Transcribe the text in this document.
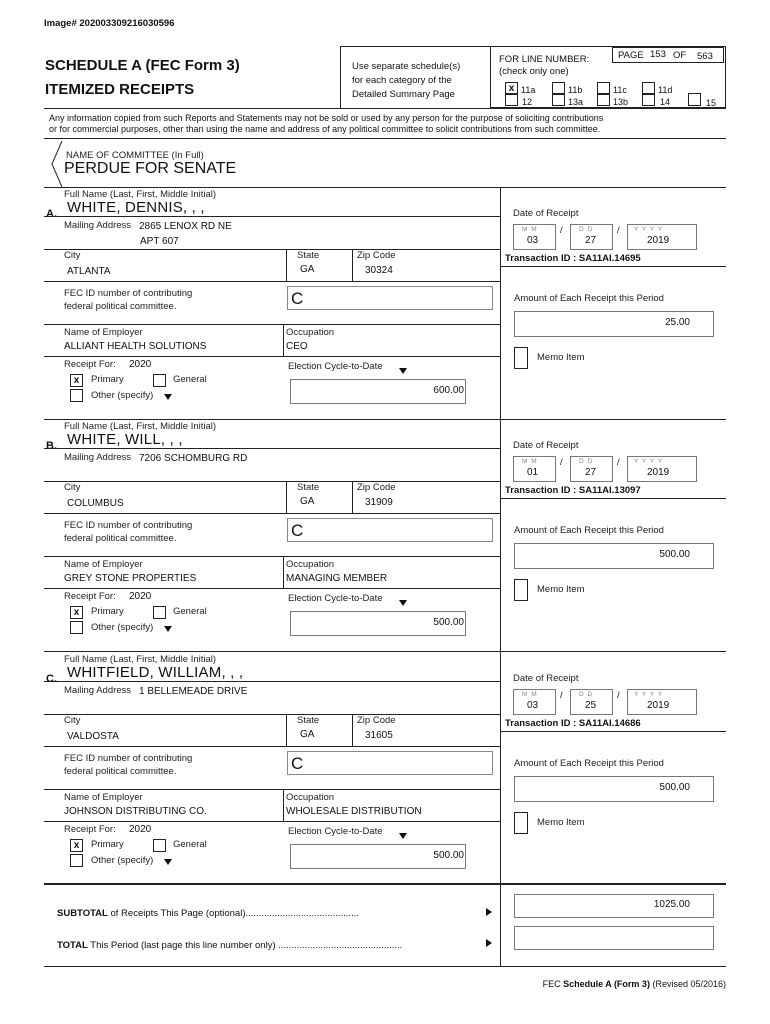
Image# 202003309216030596
SCHEDULE A (FEC Form 3)
ITEMIZED RECEIPTS
Use separate schedule(s)
for each category of the
Detailed Summary Page
FOR LINE NUMBER:
(check only one)
PAGE 153 OF 563
x 11a	11b	11c	11d
12	13a	13b	14	15
Any information copied from such Reports and Statements may not be sold or used by any person for the purpose of soliciting contributions
or for commercial purposes, other than using the name and address of any political committee to solicit contributions from such committee.
NAME OF COMMITTEE (In Full)
PERDUE FOR SENATE
A.
Full Name (Last, First, Middle Initial)
WHITE, DENNIS, , ,
Mailing Address 2865 LENOX RD NE
APT 607
City
ATLANTA
State
GA
Zip Code
30324
FEC ID number of contributing
federal political committee.	C
Name of Employer
ALLIANT HEALTH SOLUTIONS
Occupation
CEO
Receipt For: 2020
x	Primary	General
Other (specify)
Election Cycle-to-Date
600.00
Date of Receipt
M M
03
/	D D
27
/ Y Y Y Y
2019
Transaction ID : SA11AI.14695
Amount of Each Receipt this Period
25.00
Memo Item
B.
Full Name (Last, First, Middle Initial)
WHITE, WILL, , ,
Mailing Address 7206 SCHOMBURG RD
City
COLUMBUS
State
GA
Zip Code
31909
FEC ID number of contributing
federal political committee.	C
Name of Employer
GREY STONE PROPERTIES
Occupation
MANAGING MEMBER
Receipt For: 2020
x	Primary	General
Other (specify)
Election Cycle-to-Date
500.00
Date of Receipt
M M
01
/	D D
27
/ Y Y Y Y
2019
Transaction ID : SA11AI.13097
Amount of Each Receipt this Period
500.00
Memo Item
C.
Full Name (Last, First, Middle Initial)
WHITFIELD, WILLIAM, , ,
Mailing Address 1 BELLEMEADE DRIVE
City
VALDOSTA
State
GA
Zip Code
31605
FEC ID number of contributing
federal political committee.	C
Name of Employer
JOHNSON DISTRIBUTING CO.
Occupation
WHOLESALE DISTRIBUTION
Receipt For: 2020
x	Primary	General
Other (specify)
Election Cycle-to-Date
500.00
Date of Receipt
M M
03
/	D D
25
/ Y Y Y Y
2019
Transaction ID : SA11AI.14686
Amount of Each Receipt this Period
500.00
Memo Item
SUBTOTAL of Receipts This Page (optional)...........................................
1025.00
TOTAL This Period (last page this line number only) ...............................................
FEC Schedule A (Form 3) (Revised 05/2016)
